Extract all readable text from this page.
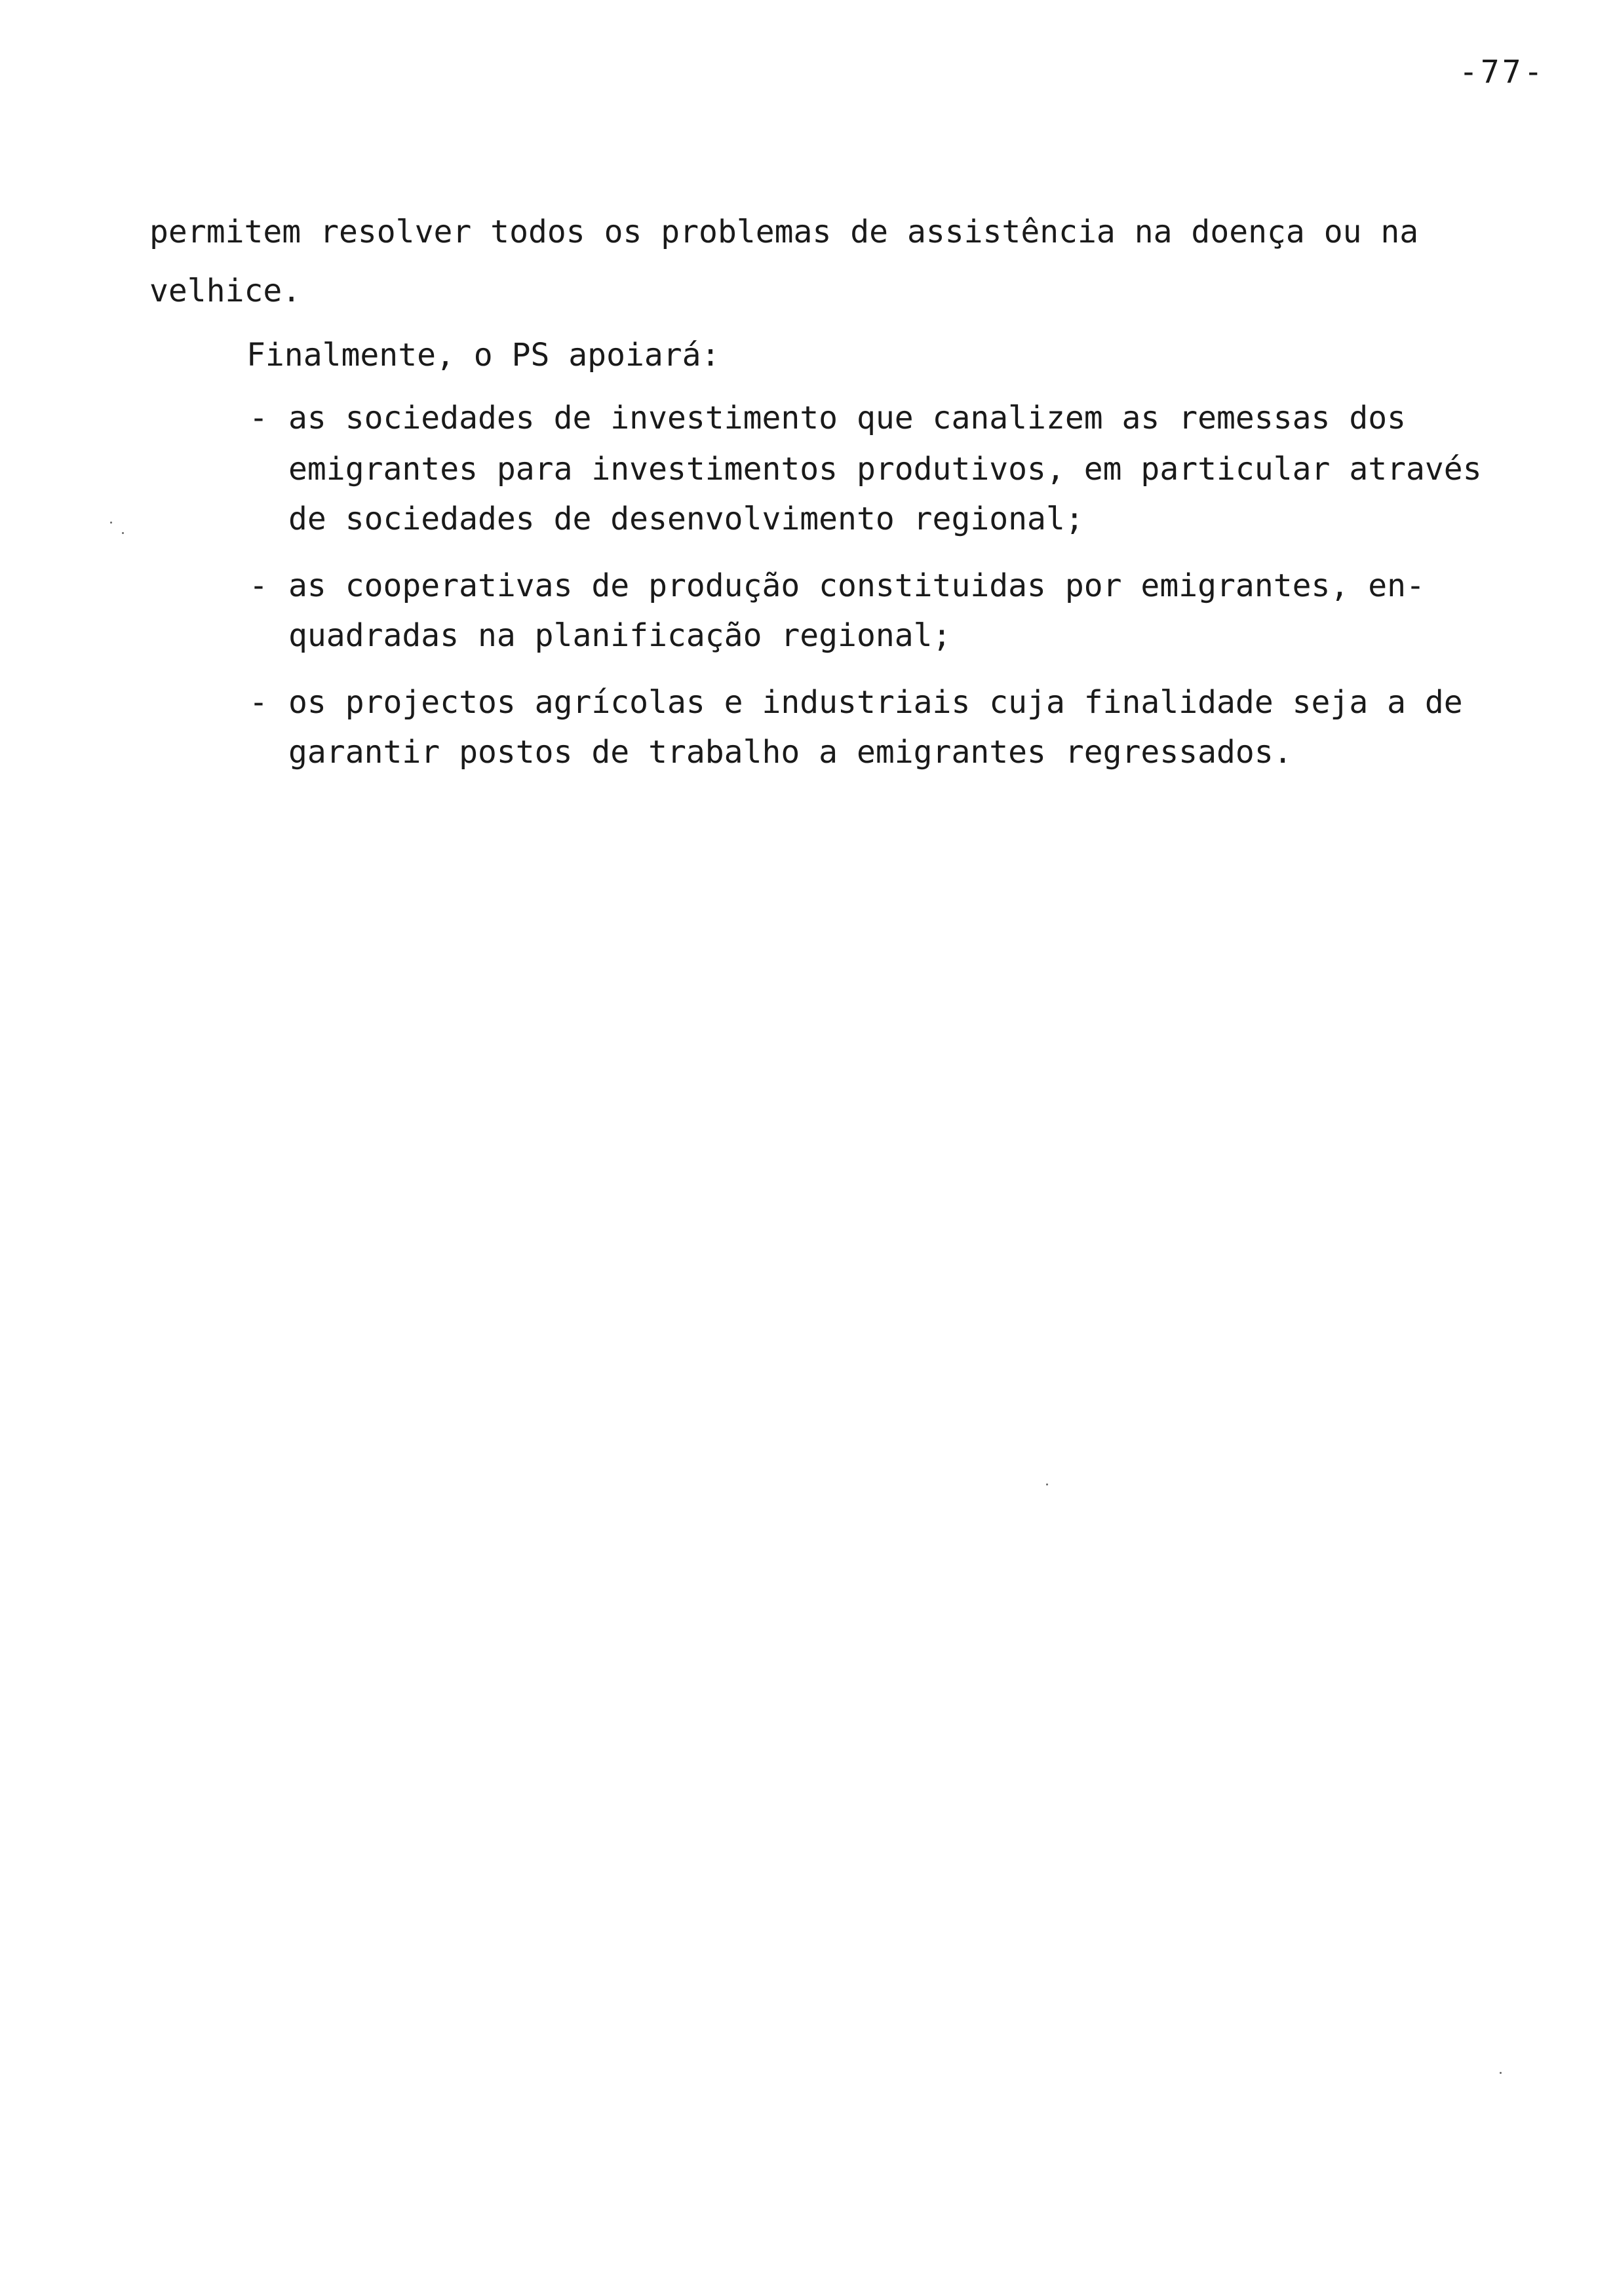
-77-
permitem resolver todos os problemas de assistência na doença ou na
velhice.
Finalmente, o PS apoiará:
- as sociedades de investimento que canalizem as remessas dos
emigrantes para investimentos produtivos, em particular através
de sociedades de desenvolvimento regional;
- as cooperativas de produção constituidas por emigrantes, en-
quadradas na planificação regional;
- os projectos agrícolas e industriais cuja finalidade seja a de
garantir postos de trabalho a emigrantes regressados.
